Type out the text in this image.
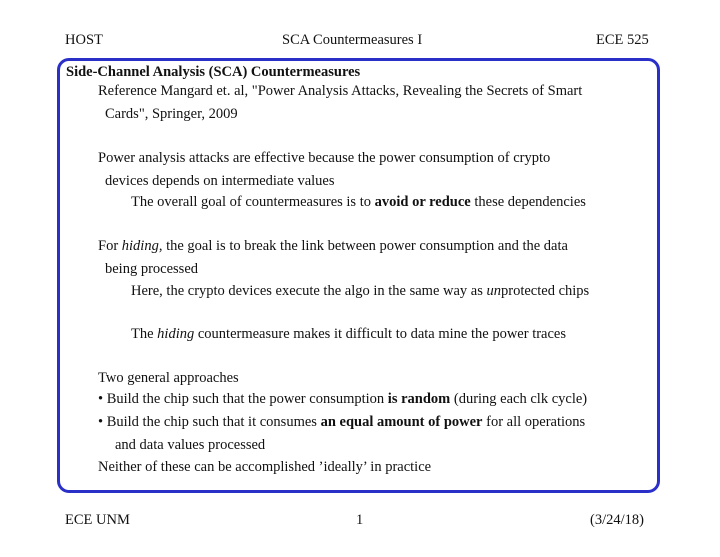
HOST	SCA Countermeasures I	ECE 525
Side-Channel Analysis (SCA) Countermeasures
Reference Mangard et. al, "Power Analysis Attacks, Revealing the Secrets of Smart
Cards", Springer, 2009
Power analysis attacks are effective because the power consumption of crypto
devices depends on intermediate values
The overall goal of countermeasures is to avoid or reduce these dependencies
For hiding, the goal is to break the link between power consumption and the data
being processed
Here, the crypto devices execute the algo in the same way as unprotected chips
The hiding countermeasure makes it difficult to data mine the power traces
Two general approaches
• Build the chip such that the power consumption is random (during each clk cycle)
• Build the chip such that it consumes an equal amount of power for all operations
and data values processed
Neither of these can be accomplished ’ideally’ in practice
ECE UNM	1	(3/24/18)
